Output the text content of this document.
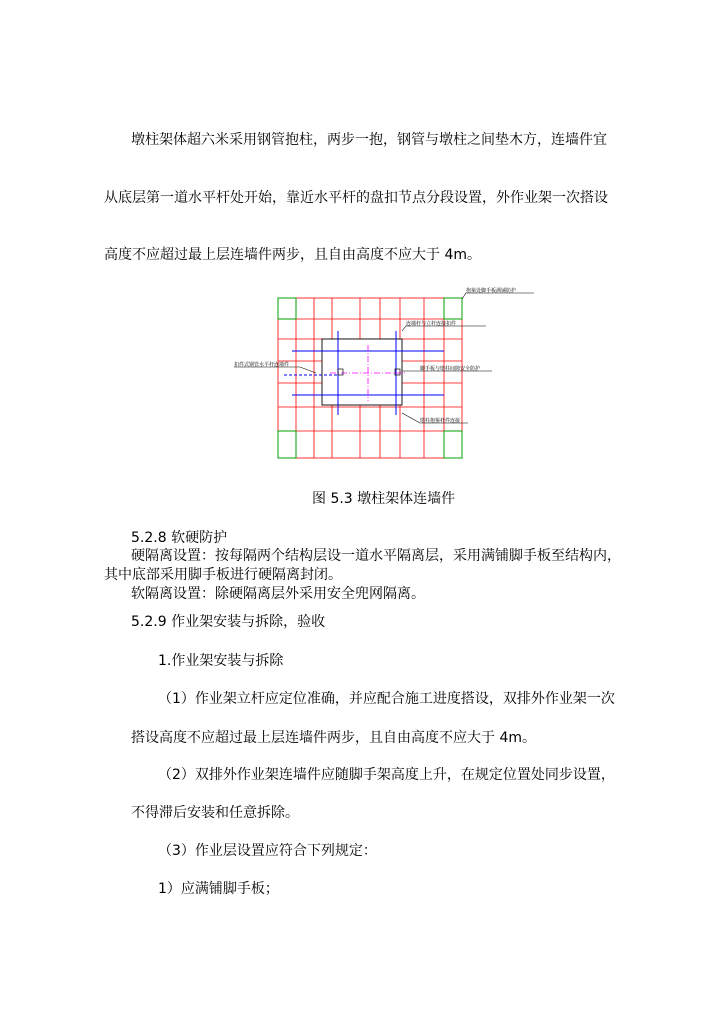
墩柱架体超六米采用钢管抱柱，两步一抱，钢管与墩柱之间垫木方，连墙件宜
从底层第一道水平杆处开始，靠近水平杆的盘扣节点分段设置，外作业架一次搭设
高度不应超过最上层连墙件两步，且自由高度不应大于 4m。
抱箍处脚手板满铺防护
连墙杆与立杆连接扣件
扣件式钢管水平杆连墙件
脚手板与墩柱间隙安全防护
墩柱抱箍杆件连接
图 5.3 墩柱架体连墙件
5.2.8 软硬防护
硬隔离设置：按每隔两个结构层设一道水平隔离层，采用满铺脚手板至结构内，
其中底部采用脚手板进行硬隔离封闭。
软隔离设置：除硬隔离层外采用安全兜网隔离。
5.2.9 作业架安装与拆除，验收
1.作业架安装与拆除
（1）作业架立杆应定位准确，并应配合施工进度搭设，双排外作业架一次
搭设高度不应超过最上层连墙件两步，且自由高度不应大于 4m。
（2）双排外作业架连墙件应随脚手架高度上升，在规定位置处同步设置，
不得滞后安装和任意拆除。
（3）作业层设置应符合下列规定：
1）应满铺脚手板；
